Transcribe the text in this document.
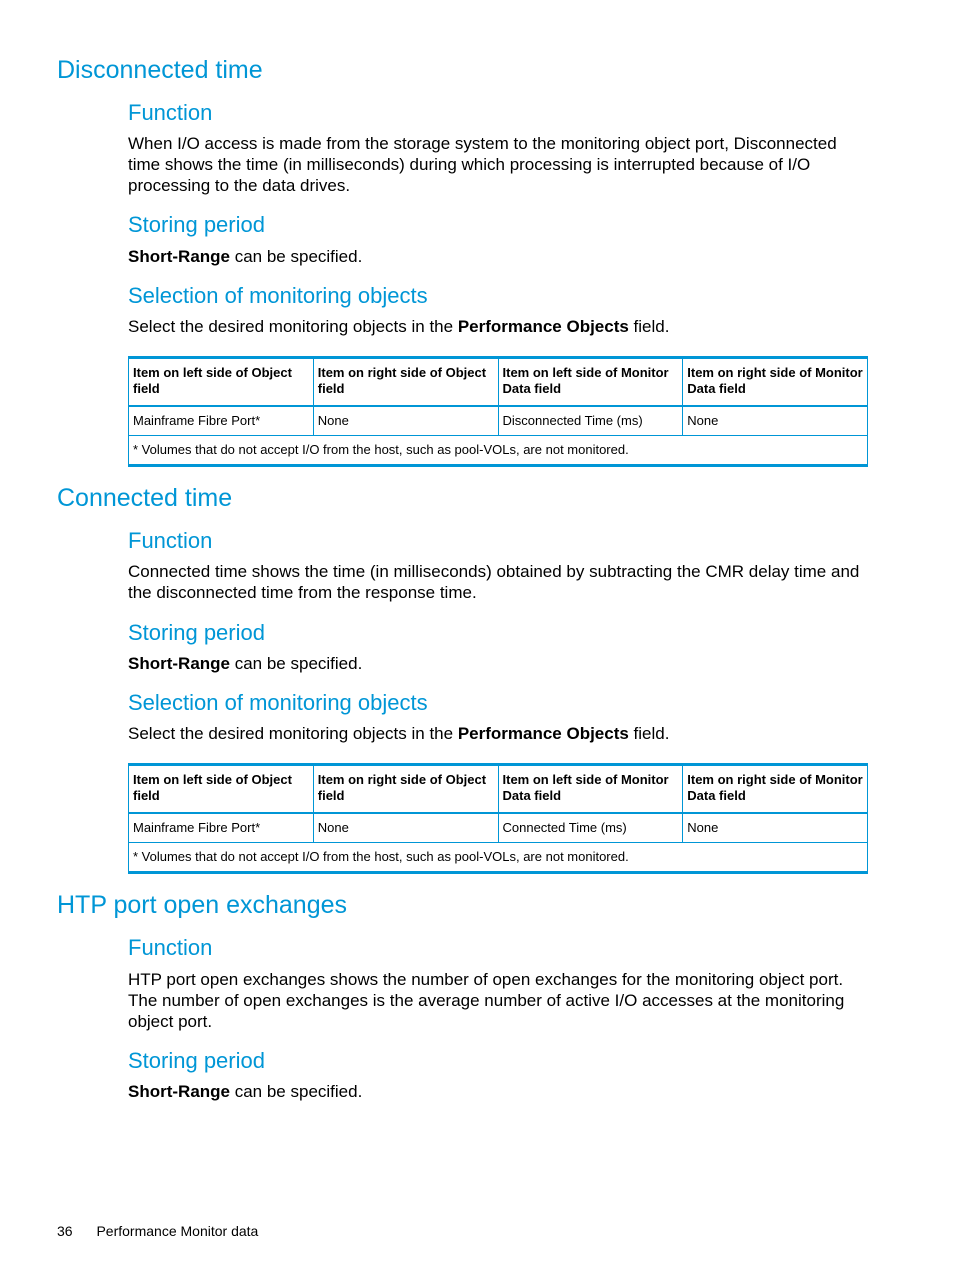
Disconnected time
Function

When I/O access is made from the storage system to the monitoring object port, Disconnected time shows the time (in milliseconds) during which processing is interrupted because of I/O processing to the data drives.

Storing period

Short-Range can be specified.

Selection of monitoring objects

Select the desired monitoring objects in the Performance Objects field.

Item on left side of Object field	Item on right side of Object field	Item on left side of Monitor Data field	Item on right side of Monitor Data field
Mainframe Fibre Port*	None	Disconnected Time (ms)	None
* Volumes that do not accept I/O from the host, such as pool-VOLs, are not monitored.			
Connected time
Function

Connected time shows the time (in milliseconds) obtained by subtracting the CMR delay time and the disconnected time from the response time.

Storing period

Short-Range can be specified.

Selection of monitoring objects

Select the desired monitoring objects in the Performance Objects field.

Item on left side of Object field	Item on right side of Object field	Item on left side of Monitor Data field	Item on right side of Monitor Data field
Mainframe Fibre Port*	None	Connected Time (ms)	None
* Volumes that do not accept I/O from the host, such as pool-VOLs, are not monitored.			
HTP port open exchanges
Function

HTP port open exchanges shows the number of open exchanges for the monitoring object port. The number of open exchanges is the average number of active I/O accesses at the monitoring object port.

Storing period

Short-Range can be specified.

36 Performance Monitor data
